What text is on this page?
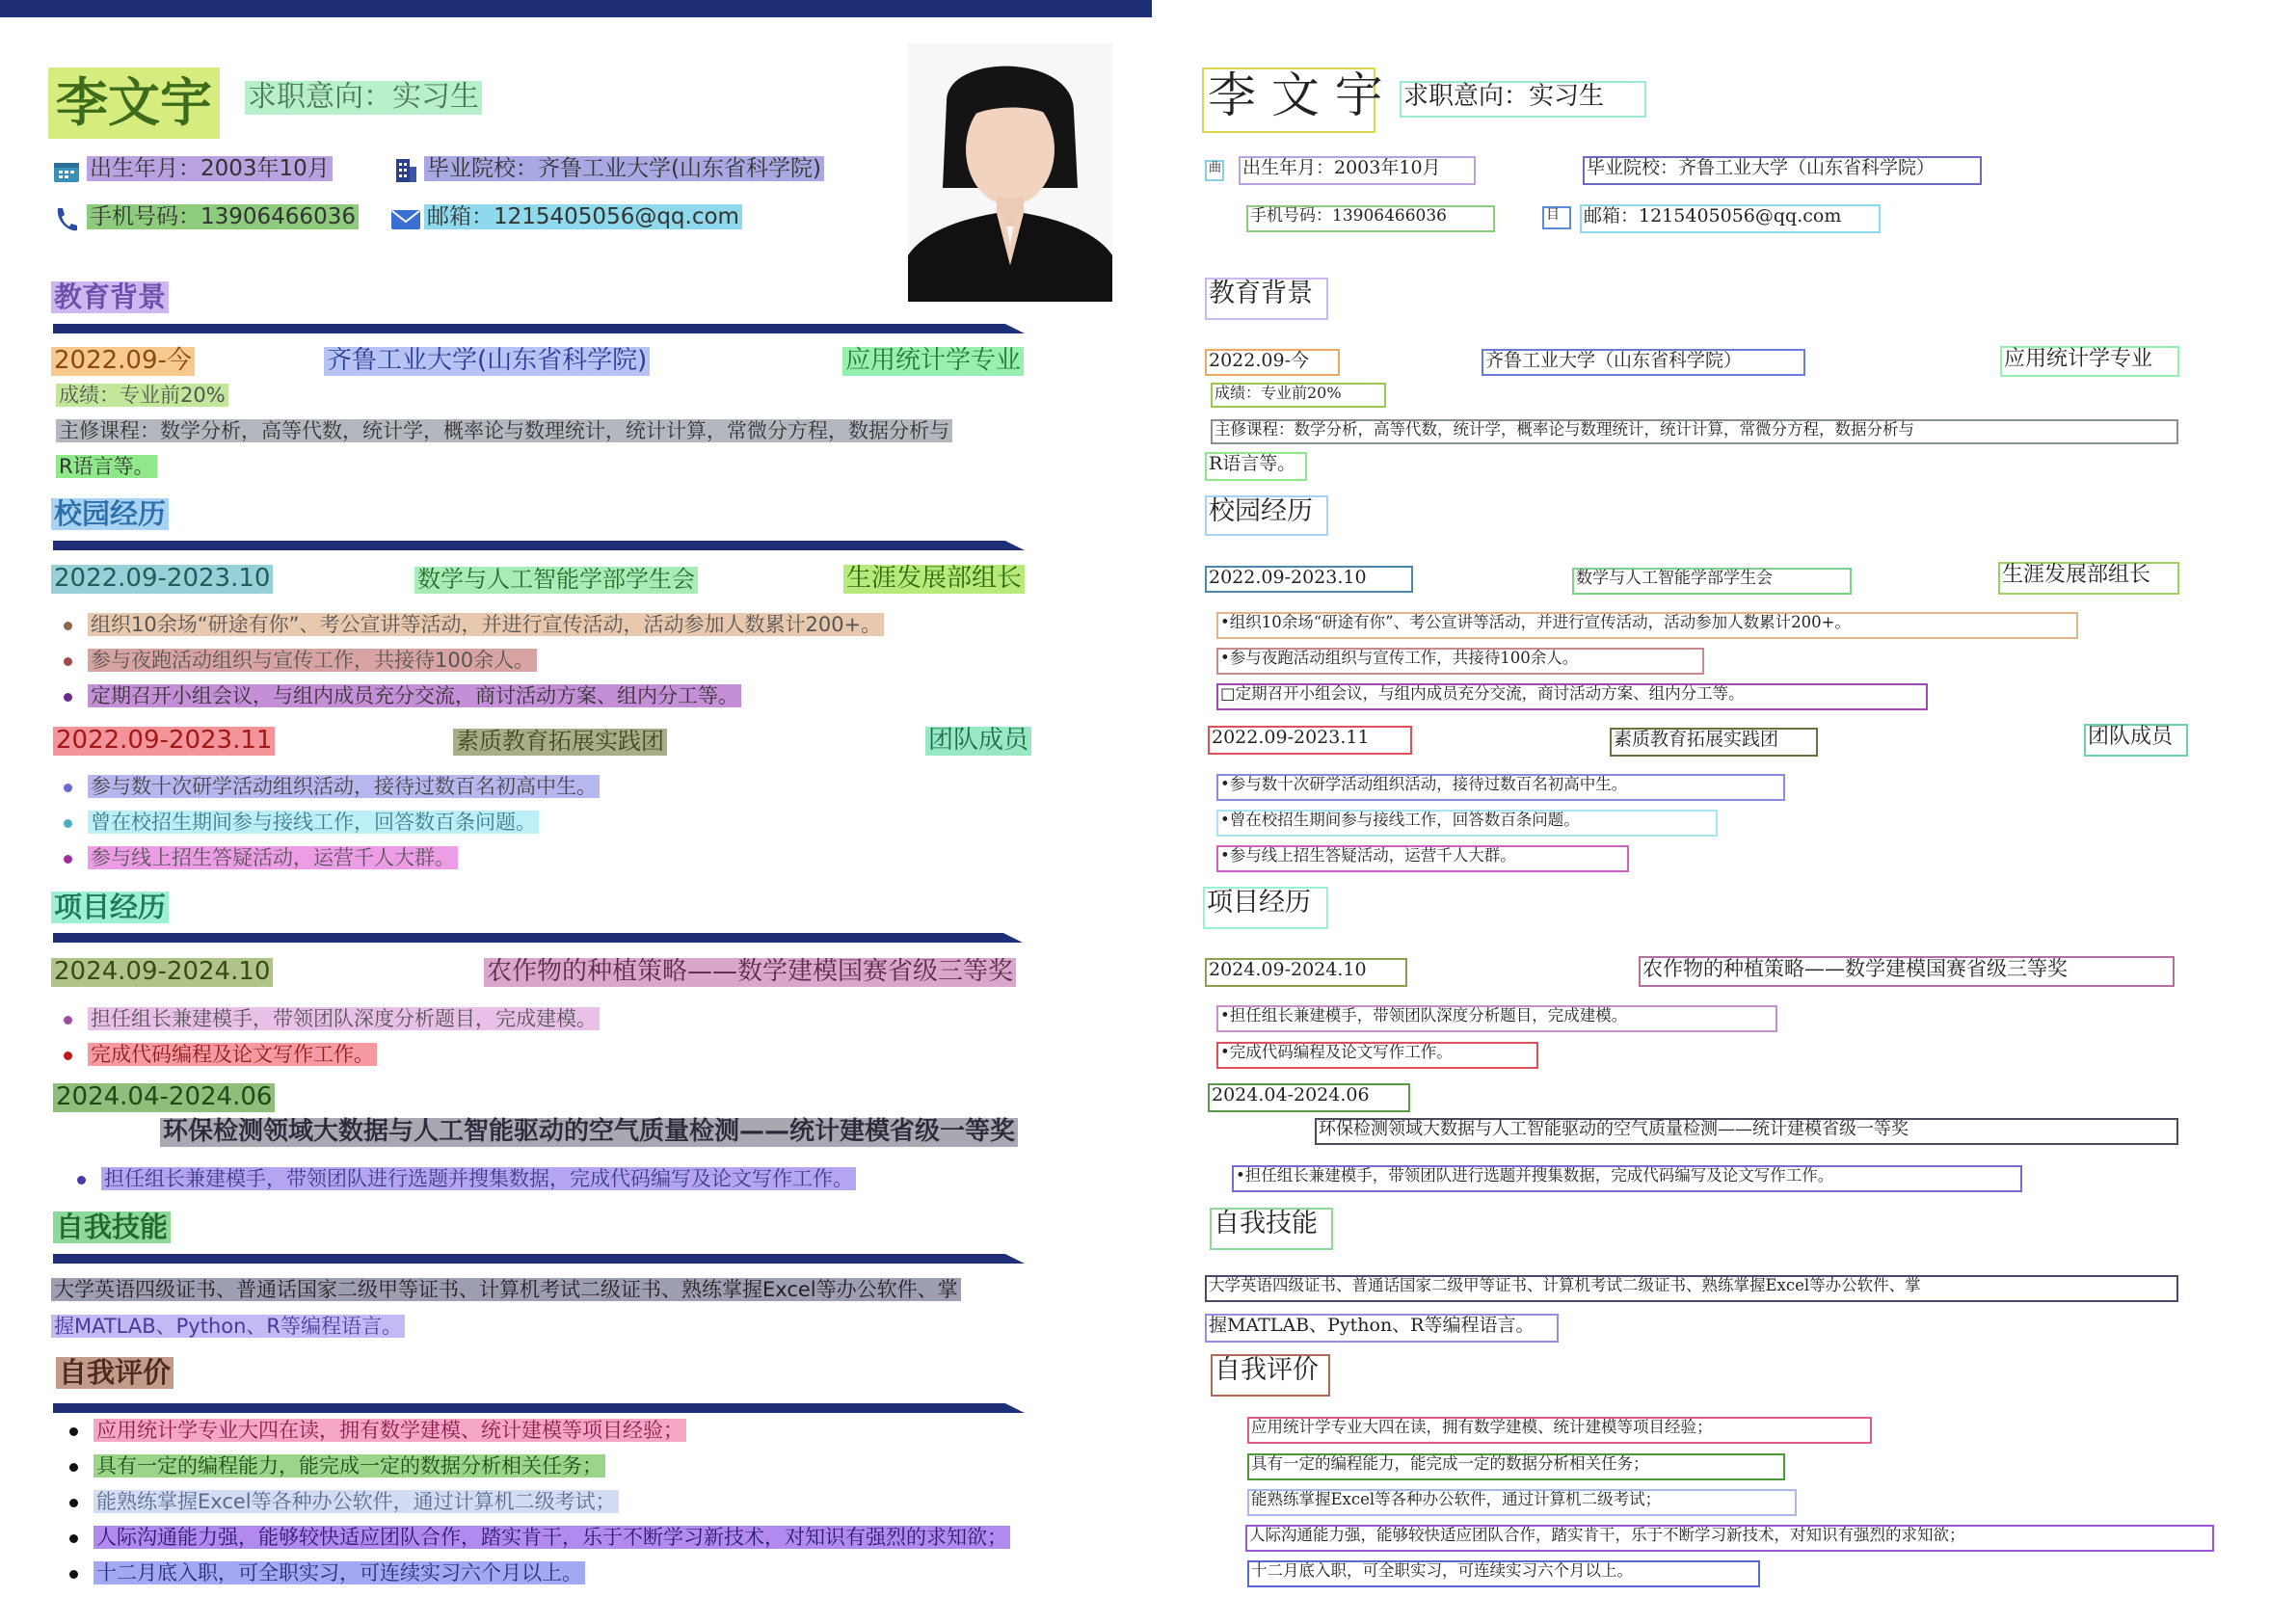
李文宇 求职意向：实习生
出生年月：2003年10月	毕业院校：齐鲁工业大学(山东省科学院)
手机号码：13906466036	邮箱：1215405056@qq.com
教育背景
2022.09-今	齐鲁工业大学(山东省科学院)	应用统计学专业
成绩：专业前20%
主修课程：数学分析，高等代数，统计学，概率论与数理统计，统计计算，常微分方程，数据分析与
R语言等。
校园经历
2022.09-2023.10	数学与人工智能学部学生会	生涯发展部组长
组织10余场“研途有你”、考公宣讲等活动，并进行宣传活动，活动参加人数累计200+。
参与夜跑活动组织与宣传工作，共接待100余人。
定期召开小组会议，与组内成员充分交流，商讨活动方案、组内分工等。
2022.09-2023.11	素质教育拓展实践团	团队成员
参与数十次研学活动组织活动，接待过数百名初高中生。
曾在校招生期间参与接线工作，回答数百条问题。
参与线上招生答疑活动，运营千人大群。
项目经历
2024.09-2024.10	农作物的种植策略——数学建模国赛省级三等奖
担任组长兼建模手，带领团队深度分析题目，完成建模。
完成代码编程及论文写作工作。
2024.04-2024.06
环保检测领域大数据与人工智能驱动的空气质量检测——统计建模省级一等奖
担任组长兼建模手，带领团队进行选题并搜集数据，完成代码编写及论文写作工作。
自我技能
大学英语四级证书、普通话国家二级甲等证书、计算机考试二级证书、熟练掌握Excel等办公软件、掌
握MATLAB、Python、R等编程语言。
自我评价
应用统计学专业大四在读，拥有数学建模、统计建模等项目经验；
具有一定的编程能力，能完成一定的数据分析相关任务；
能熟练掌握Excel等各种办公软件，通过计算机二级考试；
人际沟通能力强，能够较快适应团队合作，踏实肯干，乐于不断学习新技术，对知识有强烈的求知欲；
十二月底入职，可全职实习，可连续实习六个月以上。
李 文 宇 求职意向：实习生
曲 出生年月：2003年10月	毕业院校：齐鲁工业大学（山东省科学院）
手机号码：13906466036	目	邮箱：1215405056@qq.com
教育背景
2022.09-今	齐鲁工业大学（山东省科学院）	应用统计学专业
成绩：专业前20%
主修课程：数学分析，高等代数，统计学，概率论与数理统计，统计计算，常微分方程，数据分析与
R语言等。
校园经历
2022.09-2023.10	数学与人工智能学部学生会	生涯发展部组长
•组织10余场“研途有你”、考公宣讲等活动，并进行宣传活动，活动参加人数累计200+。
•参与夜跑活动组织与宣传工作，共接待100余人。
□定期召开小组会议，与组内成员充分交流，商讨活动方案、组内分工等。
2022.09-2023.11	素质教育拓展实践团	团队成员
•参与数十次研学活动组织活动，接待过数百名初高中生。
•曾在校招生期间参与接线工作，回答数百条问题。
•参与线上招生答疑活动，运营千人大群。
项目经历
2024.09-2024.10	农作物的种植策略——数学建模国赛省级三等奖
•担任组长兼建模手，带领团队深度分析题目，完成建模。
•完成代码编程及论文写作工作。
2024.04-2024.06
环保检测领域大数据与人工智能驱动的空气质量检测——统计建模省级一等奖
•担任组长兼建模手，带领团队进行选题并搜集数据，完成代码编写及论文写作工作。
自我技能
大学英语四级证书、普通话国家二级甲等证书、计算机考试二级证书、熟练掌握Excel等办公软件、掌
握MATLAB、Python、R等编程语言。
自我评价
应用统计学专业大四在读，拥有数学建模、统计建模等项目经验；
具有一定的编程能力，能完成一定的数据分析相关任务；
能熟练掌握Excel等各种办公软件，通过计算机二级考试；
人际沟通能力强，能够较快适应团队合作，踏实肯干，乐于不断学习新技术，对知识有强烈的求知欲；
十二月底入职，可全职实习，可连续实习六个月以上。
